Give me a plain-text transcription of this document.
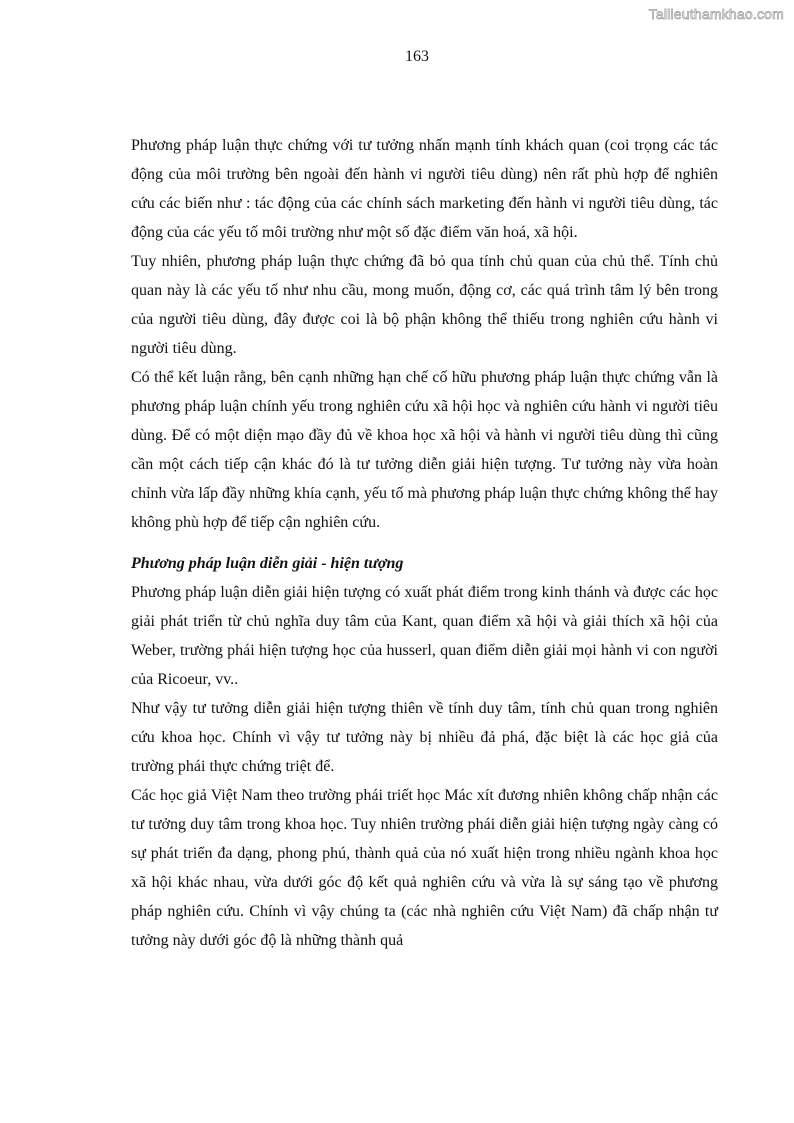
Tailieuthamkhao.com
163

Phương pháp luận thực chứng với tư tưởng nhấn mạnh tính khách quan (coi trọng các tác động của môi trường bên ngoài đến hành vi người tiêu dùng) nên rất phù hợp để nghiên cứu các biến như : tác động của các chính sách marketing đến hành vi người tiêu dùng, tác động của các yếu tố môi trường như một số đặc điểm văn hoá, xã hội.

Tuy nhiên, phương pháp luận thực chứng đã bỏ qua tính chủ quan của chủ thể. Tính chủ quan này là các yếu tố như nhu cầu, mong muốn, động cơ, các quá trình tâm lý bên trong của người tiêu dùng, đây được coi là bộ phận không thể thiếu trong nghiên cứu hành vi người tiêu dùng.

Có thể kết luận rằng, bên cạnh những hạn chế cố hữu phương pháp luận thực chứng vẫn là phương pháp luận chính yếu trong nghiên cứu xã hội học và nghiên cứu hành vi người tiêu dùng. Để có một diện mạo đầy đủ về khoa học xã hội và hành vi người tiêu dùng thì cũng cần một cách tiếp cận khác đó là tư tưởng diễn giải hiện tượng. Tư tưởng này vừa hoàn chỉnh vừa lấp đầy những khía cạnh, yếu tố mà phương pháp luận thực chứng không thể hay không phù hợp để tiếp cận nghiên cứu.

Phương pháp luận diễn giải - hiện tượng

Phương pháp luận diễn giải hiện tượng có xuất phát điểm trong kinh thánh và được các học giải phát triển từ chủ nghĩa duy tâm của Kant, quan điểm xã hội và giải thích xã hội của Weber, trường phái hiện tượng học của husserl, quan điểm diễn giải mọi hành vi con người của Ricoeur, vv..

Như vậy tư tưởng diễn giải hiện tượng thiên về tính duy tâm, tính chủ quan trong nghiên cứu khoa học. Chính vì vậy tư tưởng này bị nhiều đả phá, đặc biệt là các học giả của trường phái thực chứng triệt để.

Các học giả Việt Nam theo trường phái triết học Mác xít đương nhiên không chấp nhận các tư tưởng duy tâm trong khoa học. Tuy nhiên trường phái diễn giải hiện tượng ngày càng có sự phát triển đa dạng, phong phú, thành quả của nó xuất hiện trong nhiều ngành khoa học xã hội khác nhau, vừa dưới góc độ kết quả nghiên cứu và vừa là sự sáng tạo về phương pháp nghiên cứu. Chính vì vậy chúng ta (các nhà nghiên cứu Việt Nam) đã chấp nhận tư tưởng này dưới góc độ là những thành quả
